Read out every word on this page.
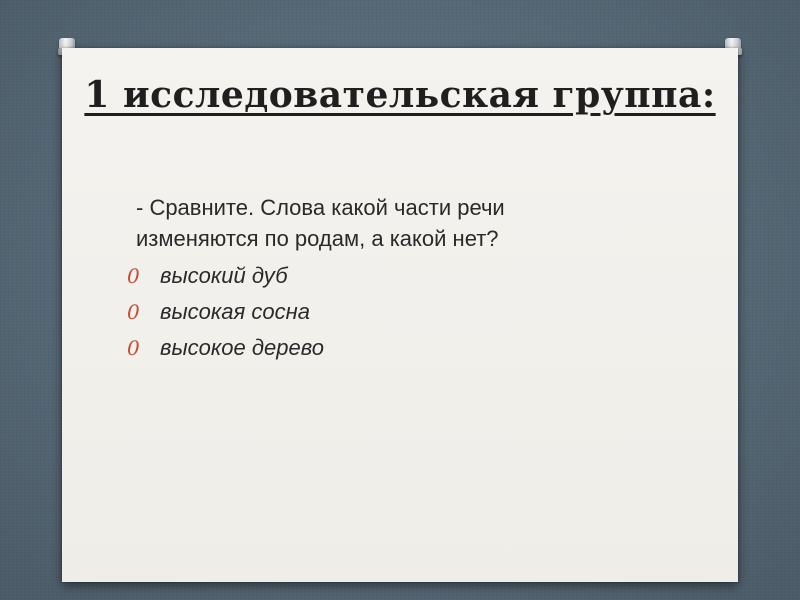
1 исследовательская группа:
- Сравните. Слова какой части речи изменяются по родам, а какой нет?
0 высокий дуб
0 высокая сосна
0 высокое дерево
